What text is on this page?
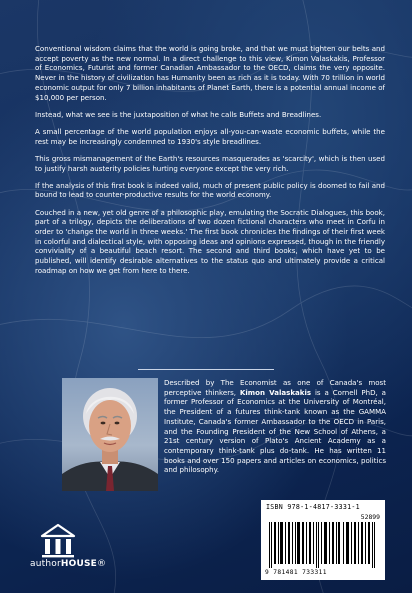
Conventional wisdom claims that the world is going broke, and that we must tighten our belts and accept poverty as the new normal. In a direct challenge to this view, Kimon Valaskakis, Professor of Economics, Futurist and former Canadian Ambassador to the OECD, claims the very opposite. Never in the history of civilization has Humanity been as rich as it is today. With 70 trillion in world economic output for only 7 billion inhabitants of Planet Earth, there is a potential annual income of $10,000 per person.

Instead, what we see is the juxtaposition of what he calls Buffets and Breadlines.

A small percentage of the world population enjoys all-you-can-waste economic buffets, while the rest may be increasingly condemned to 1930's style breadlines.

This gross mismanagement of the Earth's resources masquerades as 'scarcity', which is then used to justify harsh austerity policies hurting everyone except the very rich.

If the analysis of this first book is indeed valid, much of present public policy is doomed to fail and bound to lead to counter-productive results for the world economy.

Couched in a new, yet old genre of a philosophic play, emulating the Socratic Dialogues, this book, part of a trilogy, depicts the deliberations of two dozen fictional characters who meet in Corfu in order to 'change the world in three weeks.' The first book chronicles the findings of their first week in colorful and dialectical style, with opposing ideas and opinions expressed, though in the friendly conviviality of a beautiful beach resort. The second and third books, which have yet to be published, will identify desirable alternatives to the status quo and ultimately provide a critical roadmap on how we get from here to there.

Described by The Economist as one of Canada's most perceptive thinkers, Kimon Valaskakis is a Cornell PhD, a former Professor of Economics at the University of Montréal, the President of a futures think-tank known as the GAMMA Institute, Canada's former Ambassador to the OECD in Paris, and the Founding President of the New School of Athens, a 21st century version of Plato's Ancient Academy as a contemporary think-tank plus do-tank. He has written 11 books and over 150 papers and articles on economics, politics and philosophy.
authorHOUSE®
ISBN 978-1-4817-3331-1
52899
9 781481 733311
